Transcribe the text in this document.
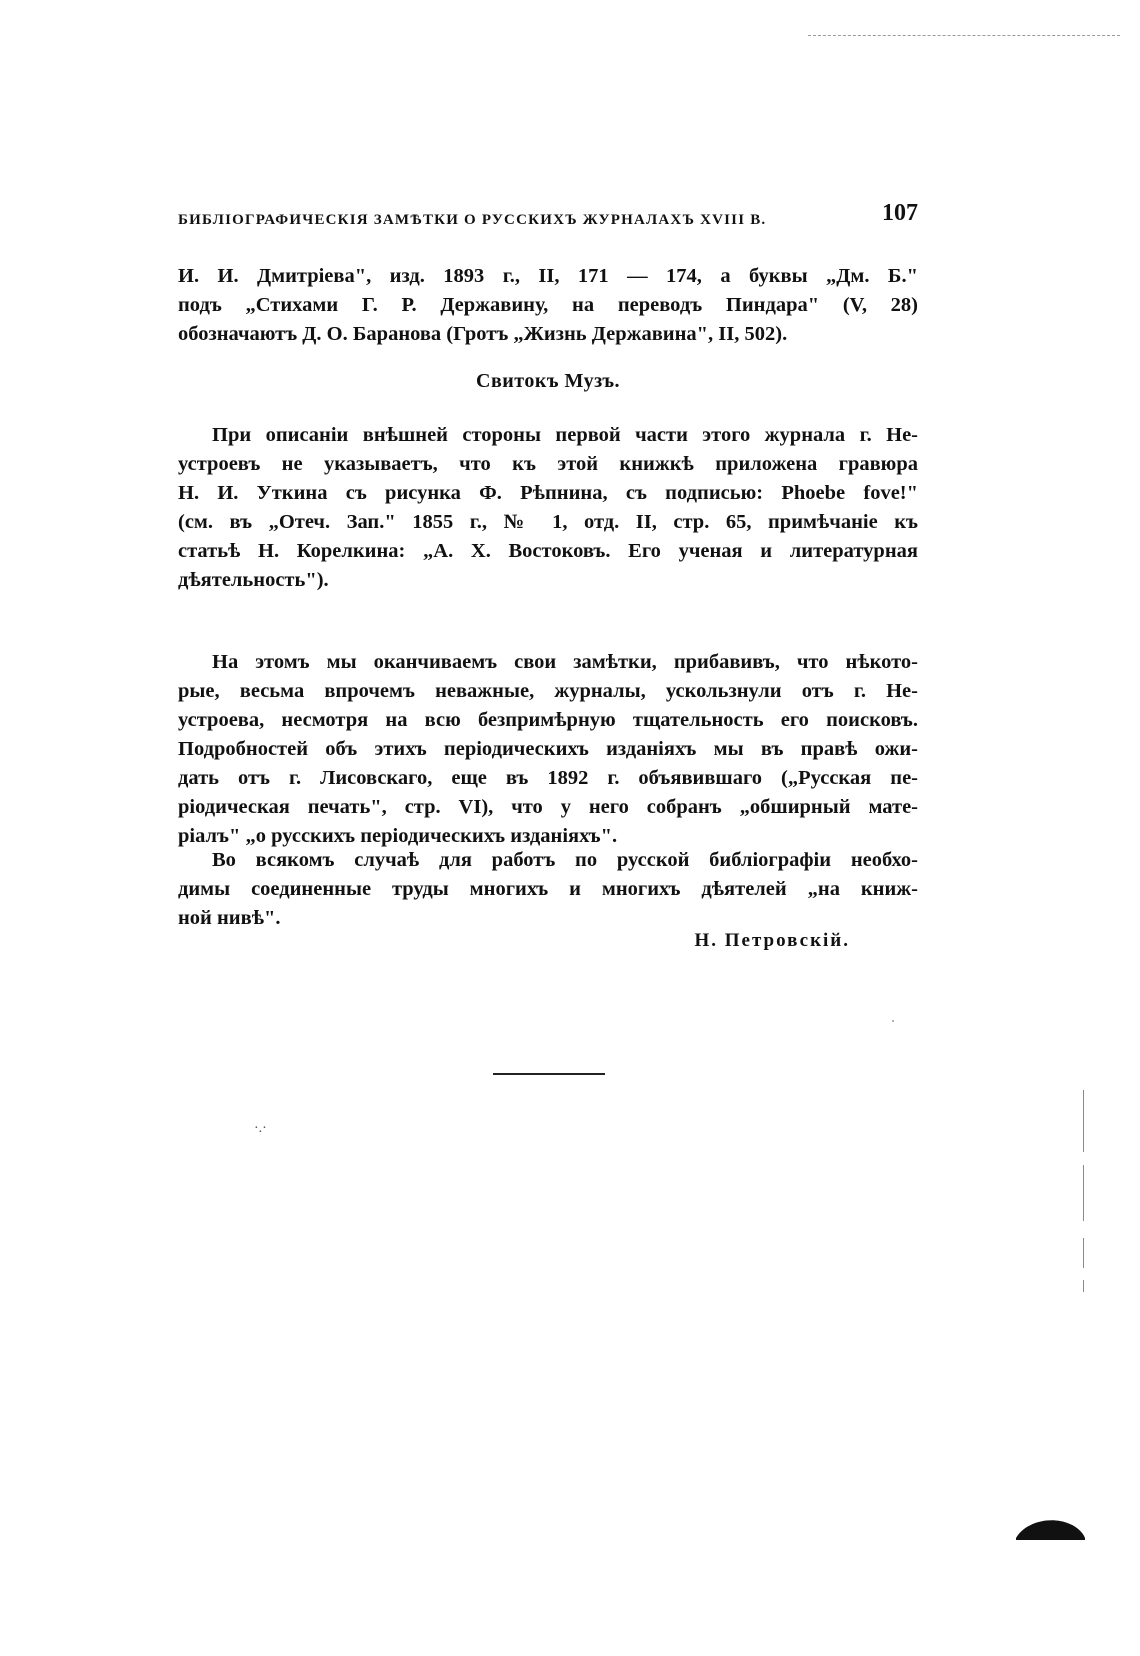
БИБЛІОГРАФИЧЕСКІЯ ЗАМѢТКИ О РУССКИХЪ ЖУРНАЛАХЪ XVIII В.	107

И. И. Дмитріева", изд. 1893 г., II, 171 — 174, а буквы „Дм. Б."
подъ „Стихами Г. Р. Державину, на переводъ Пиндара" (V, 28)
обозначаютъ Д. О. Баранова (Гротъ „Жизнь Державина", II, 502).

Свитокъ Музъ.

При описаніи внѣшней стороны первой части этого журнала г. Не-
устроевъ не указываетъ, что къ этой книжкѣ приложена гравюра
Н. И. Уткина съ рисунка Ф. Рѣпнина, съ подписью: Phoebe fove!"
(см. въ „Отеч. Зап." 1855 г., № 1, отд. II, стр. 65, примѣчаніе къ
статьѣ Н. Корелкина: „А. Х. Востоковъ. Его ученая и литературная
дѣятельность").

На этомъ мы оканчиваемъ свои замѣтки, прибавивъ, что нѣкото-
рые, весьма впрочемъ неважные, журналы, ускользнули отъ г. Не-
устроева, несмотря на всю безпримѣрную тщательность его поисковъ.
Подробностей объ этихъ періодическихъ изданіяхъ мы въ правѣ ожи-
дать отъ г. Лисовскаго, еще въ 1892 г. объявившаго („Русская пе-
ріодическая печать", стр. VI), что у него собранъ „обширный мате-
ріалъ" „о русскихъ періодическихъ изданіяхъ".

Во всякомъ случаѣ для работъ по русской библіографіи необхо-
димы соединенные труды многихъ и многихъ дѣятелей „на книж-
ной нивѣ".

Н. Петровскій.
·.·
